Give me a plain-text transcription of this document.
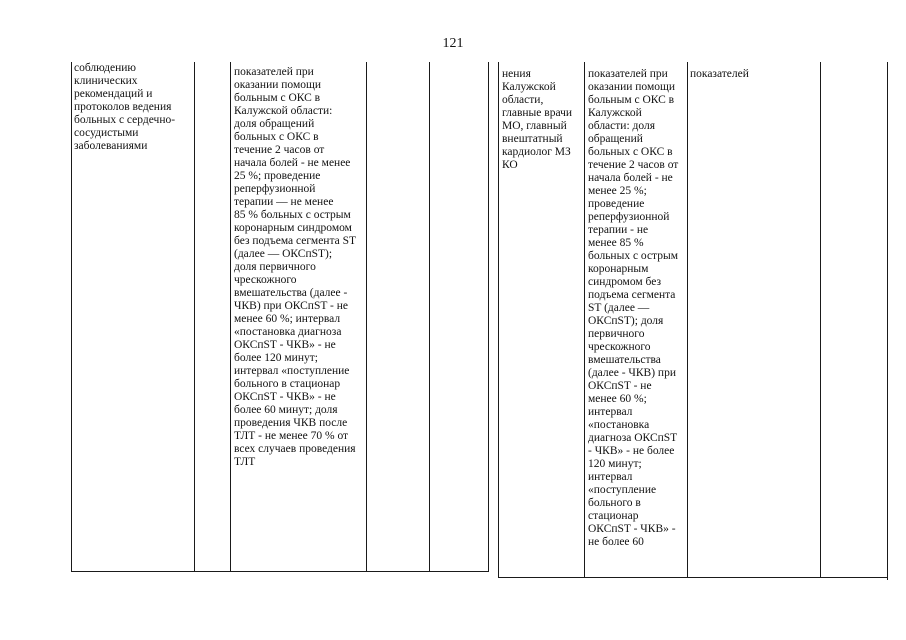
121
соблюдению
клинических
рекомендаций и
протоколов ведения
больных с сердечно-
сосудистыми
заболеваниями
показателей при
оказании помощи
больным с ОКС в
Калужской области:
доля обращений
больных с ОКС в
течение 2 часов от
начала болей - не менее
25 %; проведение
реперфузионной
терапии — не менее
85 % больных с острым
коронарным синдромом
без подъема сегмента ST
(далее — ОКСпST);
доля первичного
чрескожного
вмешательства (далее -
ЧКВ) при ОКСпST - не
менее 60 %; интервал
«постановка диагноза
ОКСпST - ЧКВ» - не
более 120 минут;
интервал «поступление
больного в стационар
ОКСпST - ЧКВ» - не
более 60 минут; доля
проведения ЧКВ после
ТЛТ - не менее 70 % от
всех случаев проведения
ТЛТ
нения
Калужской
области,
главные врачи
МО, главный
внештатный
кардиолог МЗ
КО
показателей при
оказании помощи
больным с ОКС в
Калужской
области: доля
обращений
больных с ОКС в
течение 2 часов от
начала болей - не
менее 25 %;
проведение
реперфузионной
терапии - не
менее 85 %
больных с острым
коронарным
синдромом без
подъема сегмента
ST (далее —
ОКСпST); доля
первичного
чрескожного
вмешательства
(далее - ЧКВ) при
ОКСпST - не
менее 60 %;
интервал
«постановка
диагноза ОКСпST
- ЧКВ» - не более
120 минут;
интервал
«поступление
больного в
стационар
ОКСпST - ЧКВ» -
не более 60
показателей
